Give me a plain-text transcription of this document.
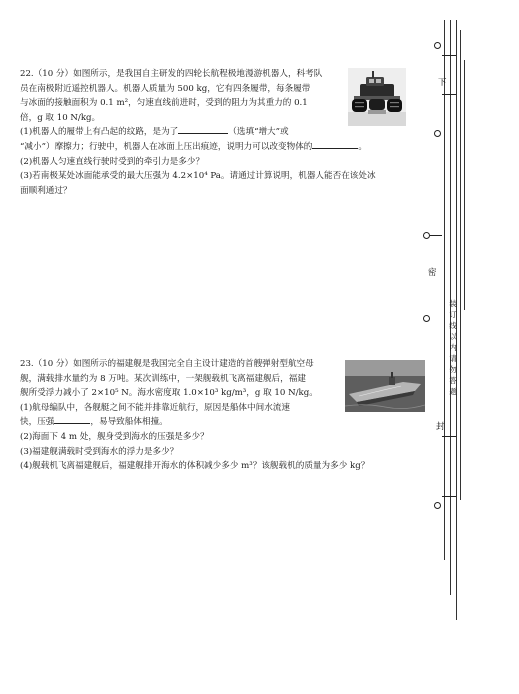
22.（10 分）如图所示，是我国自主研发的四轮长航程极地漫游机器人，科考队

员在南极附近遥控机器人。机器人质量为 500 kg，它有四条履带，每条履带

与冰面的接触面积为 0.1 m²，匀速直线前进时，受到的阻力为其重力的 0.1

倍，g 取 10 N/kg。

(1)机器人的履带上有凸起的纹路，是为了	（选填“增大”或

“减小”）摩擦力；行驶中，机器人在冰面上压出痕迹，说明力可以改变物体的	。

(2)机器人匀速直线行驶时受到的牵引力是多少？

(3)若南极某处冰面能承受的最大压强为 4.2×10⁴ Pa。请通过计算说明，机器人能否在该处冰

面顺利通过？

23.（10 分）如图所示的福建舰是我国完全自主设计建造的首艘弹射型航空母

舰，满载排水量约为 8 万吨。某次训练中，一架舰载机飞离福建舰后，福建

舰所受浮力减小了 2×10⁵ N。海水密度取 1.0×10³ kg/m³，g 取 10 N/kg。

(1)航母编队中，各舰艇之间不能并排靠近航行，原因是船体中间水流速

快，压强	，易导致船体相撞。

(2)海面下 4 m 处，舰身受到海水的压强是多少？

(3)福建舰满载时受到海水的浮力是多少？

(4)舰载机飞离福建舰后，福建舰排开海水的体积减少多少 m³？该舰载机的质量为多少 kg？

下
密
装订线以内请勿答题
封
